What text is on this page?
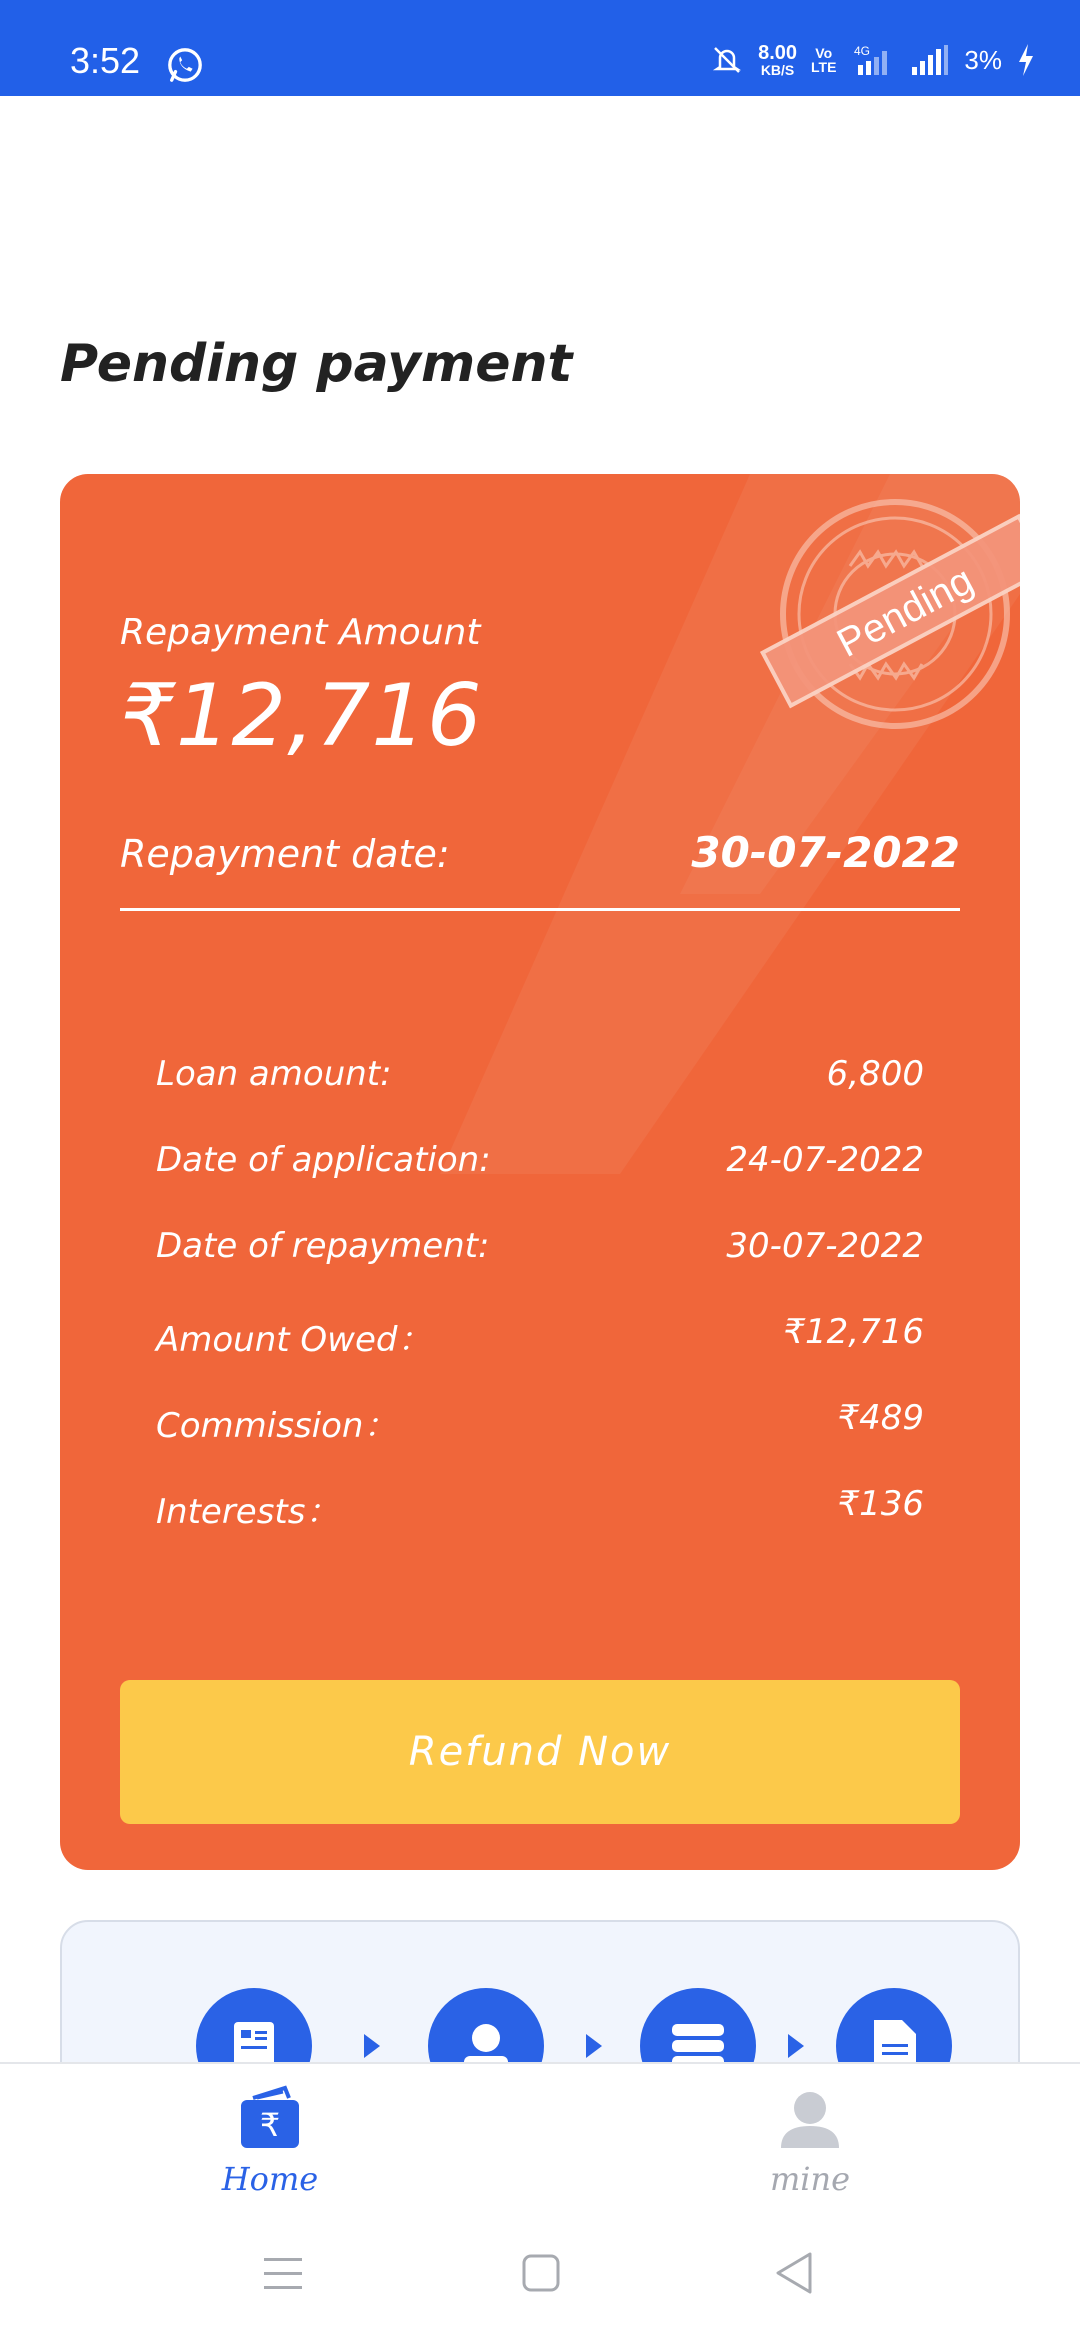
3:52	8.00
KB/S
Vo
LTE
4G	3%
Pending payment
Pending
Repayment Amount
₹12,716
Repayment date:	30-07-2022
Loan amount:	6,800
Date of application:	24-07-2022
Date of repayment:	30-07-2022
Amount Owed：	₹12,716
Commission：	₹489
Interests：	₹136
Refund Now
₹
Home	mine
